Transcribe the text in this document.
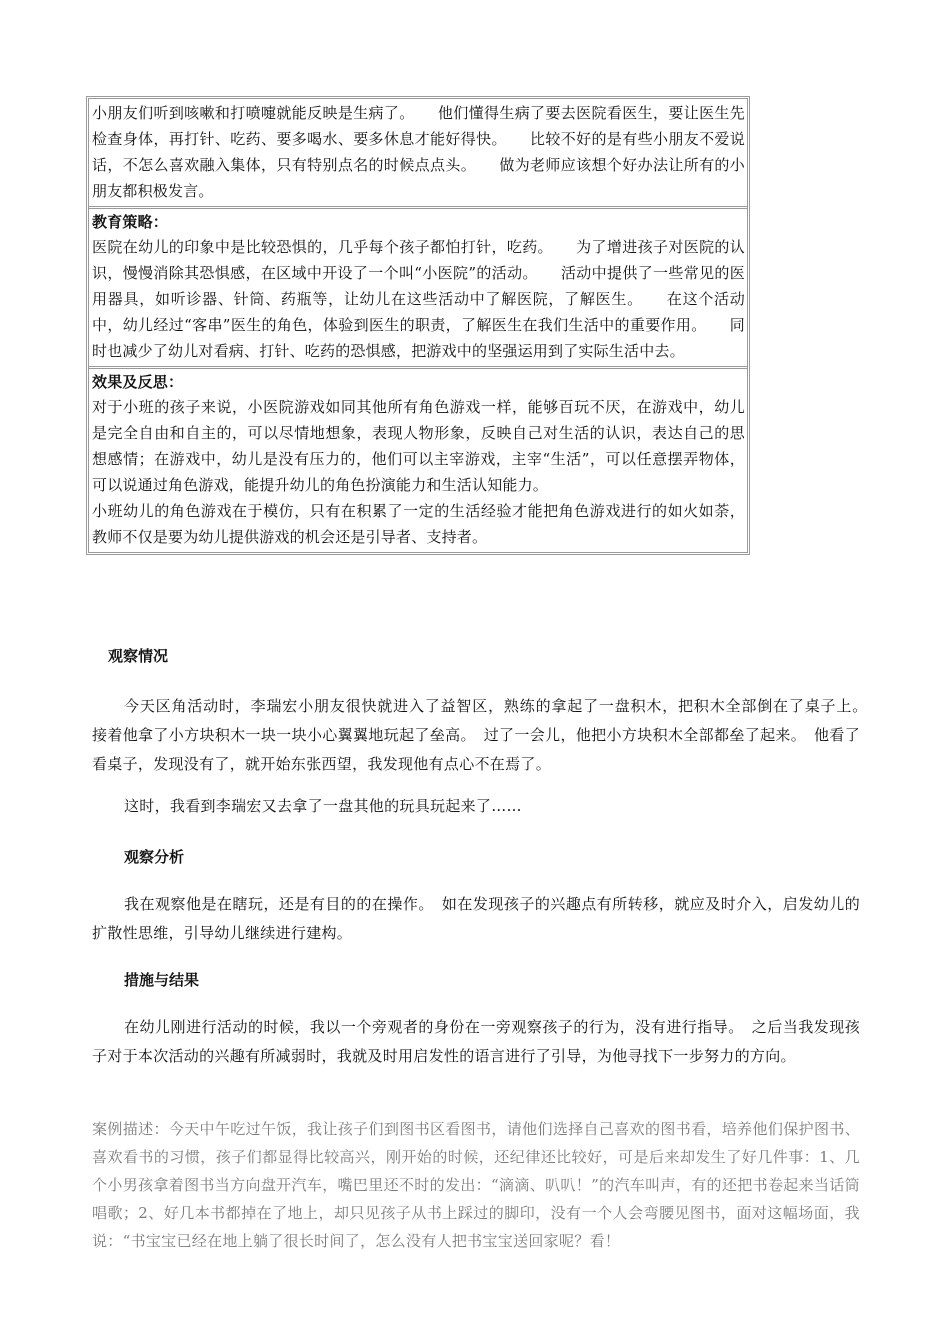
小朋友们听到咳嗽和打喷嚏就能反映是生病了。　　他们懂得生病了要去医院看医生，要让医生先检查身体，再打针、吃药、要多喝水、要多休息才能好得快。　　比较不好的是有些小朋友不爱说话，不怎么喜欢融入集体，只有特别点名的时候点点头。　　做为老师应该想个好办法让所有的小朋友都积极发言。

教育策略：

医院在幼儿的印象中是比较恐惧的，几乎每个孩子都怕打针，吃药。　　为了增进孩子对医院的认识，慢慢消除其恐惧感，在区域中开设了一个叫“小医院”的活动。　　活动中提供了一些常见的医用器具，如听诊器、针筒、药瓶等，让幼儿在这些活动中了解医院，了解医生。　　在这个活动中，幼儿经过“客串”医生的角色，体验到医生的职责，了解医生在我们生活中的重要作用。　　同时也减少了幼儿对看病、打针、吃药的恐惧感，把游戏中的坚强运用到了实际生活中去。

效果及反思：

对于小班的孩子来说，小医院游戏如同其他所有角色游戏一样，能够百玩不厌，在游戏中，幼儿是完全自由和自主的，可以尽情地想象，表现人物形象，反映自己对生活的认识，表达自己的思想感情；在游戏中，幼儿是没有压力的，他们可以主宰游戏，主宰“生活”，可以任意摆弄物体，可以说通过角色游戏，能提升幼儿的角色扮演能力和生活认知能力。

小班幼儿的角色游戏在于模仿，只有在积累了一定的生活经验才能把角色游戏进行的如火如荼，教师不仅是要为幼儿提供游戏的机会还是引导者、支持者。

观察情况

今天区角活动时，李瑞宏小朋友很快就进入了益智区，熟练的拿起了一盘积木，把积木全部倒在了桌子上。　接着他拿了小方块积木一块一块小心翼翼地玩起了垒高。　过了一会儿，他把小方块积木全部都垒了起来。　他看了看桌子，发现没有了，就开始东张西望，我发现他有点心不在焉了。

这时，我看到李瑞宏又去拿了一盘其他的玩具玩起来了……

观察分析

我在观察他是在瞎玩，还是有目的的在操作。　如在发现孩子的兴趣点有所转移，就应及时介入，启发幼儿的扩散性思维，引导幼儿继续进行建构。

措施与结果

在幼儿刚进行活动的时候，我以一个旁观者的身份在一旁观察孩子的行为，没有进行指导。　之后当我发现孩子对于本次活动的兴趣有所减弱时，我就及时用启发性的语言进行了引导，为他寻找下一步努力的方向。

案例描述：今天中午吃过午饭，我让孩子们到图书区看图书，请他们选择自己喜欢的图书看，培养他们保护图书、喜欢看书的习惯，孩子们都显得比较高兴，刚开始的时候，还纪律还比较好，可是后来却发生了好几件事：1、几个小男孩拿着图书当方向盘开汽车，嘴巴里还不时的发出：“滴滴、叭叭！”的汽车叫声，有的还把书卷起来当话筒唱歌；2、好几本书都掉在了地上，却只见孩子从书上踩过的脚印，没有一个人会弯腰见图书，面对这幅场面，我说：“书宝宝已经在地上躺了很长时间了，怎么没有人把书宝宝送回家呢？看！
